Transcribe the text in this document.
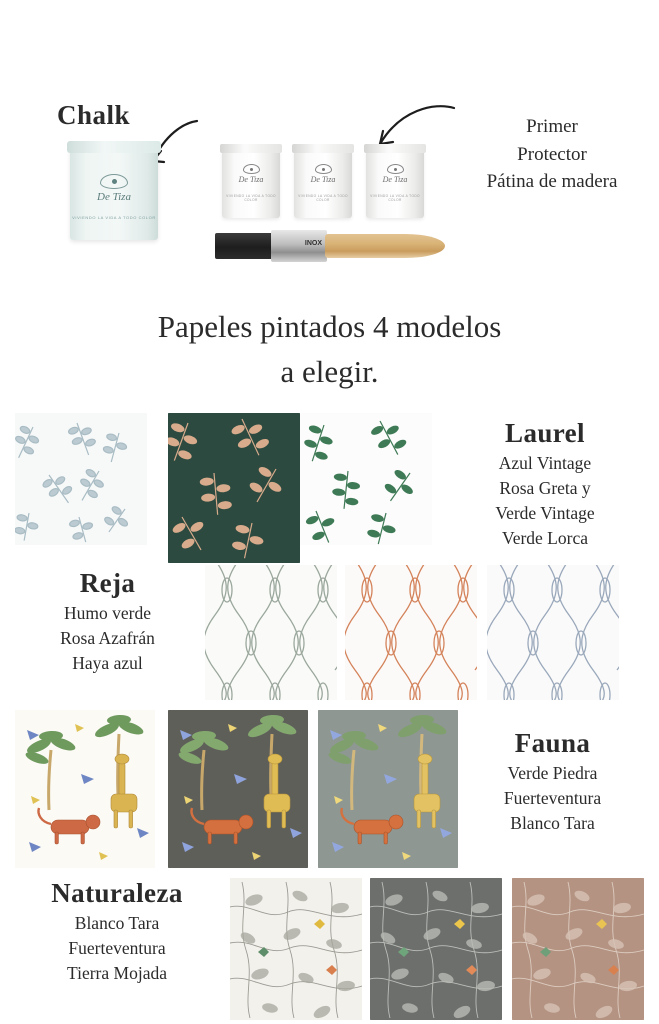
Chalk	Primer
Protector
Pátina de madera
De Tiza
VIVIENDO LA VIDA A TODO COLOR
De Tiza
VIVIENDO LA VIDA A TODO COLOR
De Tiza
VIVIENDO LA VIDA A TODO COLOR
De Tiza
VIVIENDO LA VIDA A TODO COLOR
INOX
Papeles pintados 4 modelos
a elegir.
Laurel
Azul Vintage
Rosa Greta y
Verde Vintage
Verde Lorca
Reja
Humo verde
Rosa Azafrán
Haya azul
Fauna
Verde Piedra
Fuerteventura
Blanco Tara
Naturaleza
Blanco Tara
Fuerteventura
Tierra Mojada
